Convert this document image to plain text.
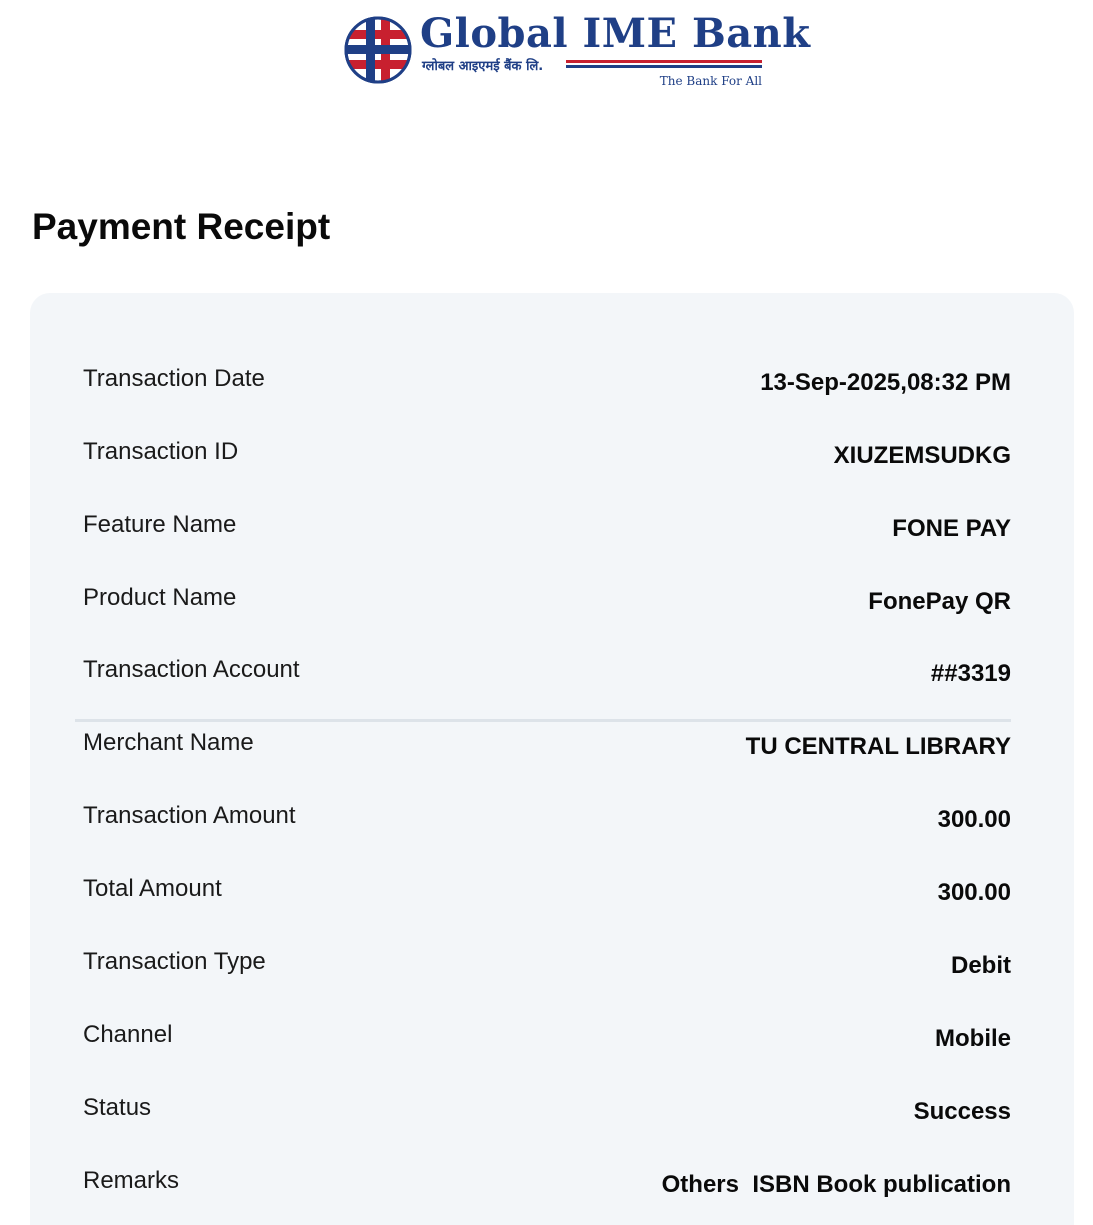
Global IME Bank
ग्लोबल आइएमई बैंक लि.
The Bank For All
Payment Receipt
Transaction Date	13-Sep-2025,08:32 PM
Transaction ID	XIUZEMSUDKG
Feature Name	FONE PAY
Product Name	FonePay QR
Transaction Account	##3319
Merchant Name	TU CENTRAL LIBRARY
Transaction Amount	300.00
Total Amount	300.00
Transaction Type	Debit
Channel	Mobile
Status	Success
Remarks	Others  ISBN Book publication
